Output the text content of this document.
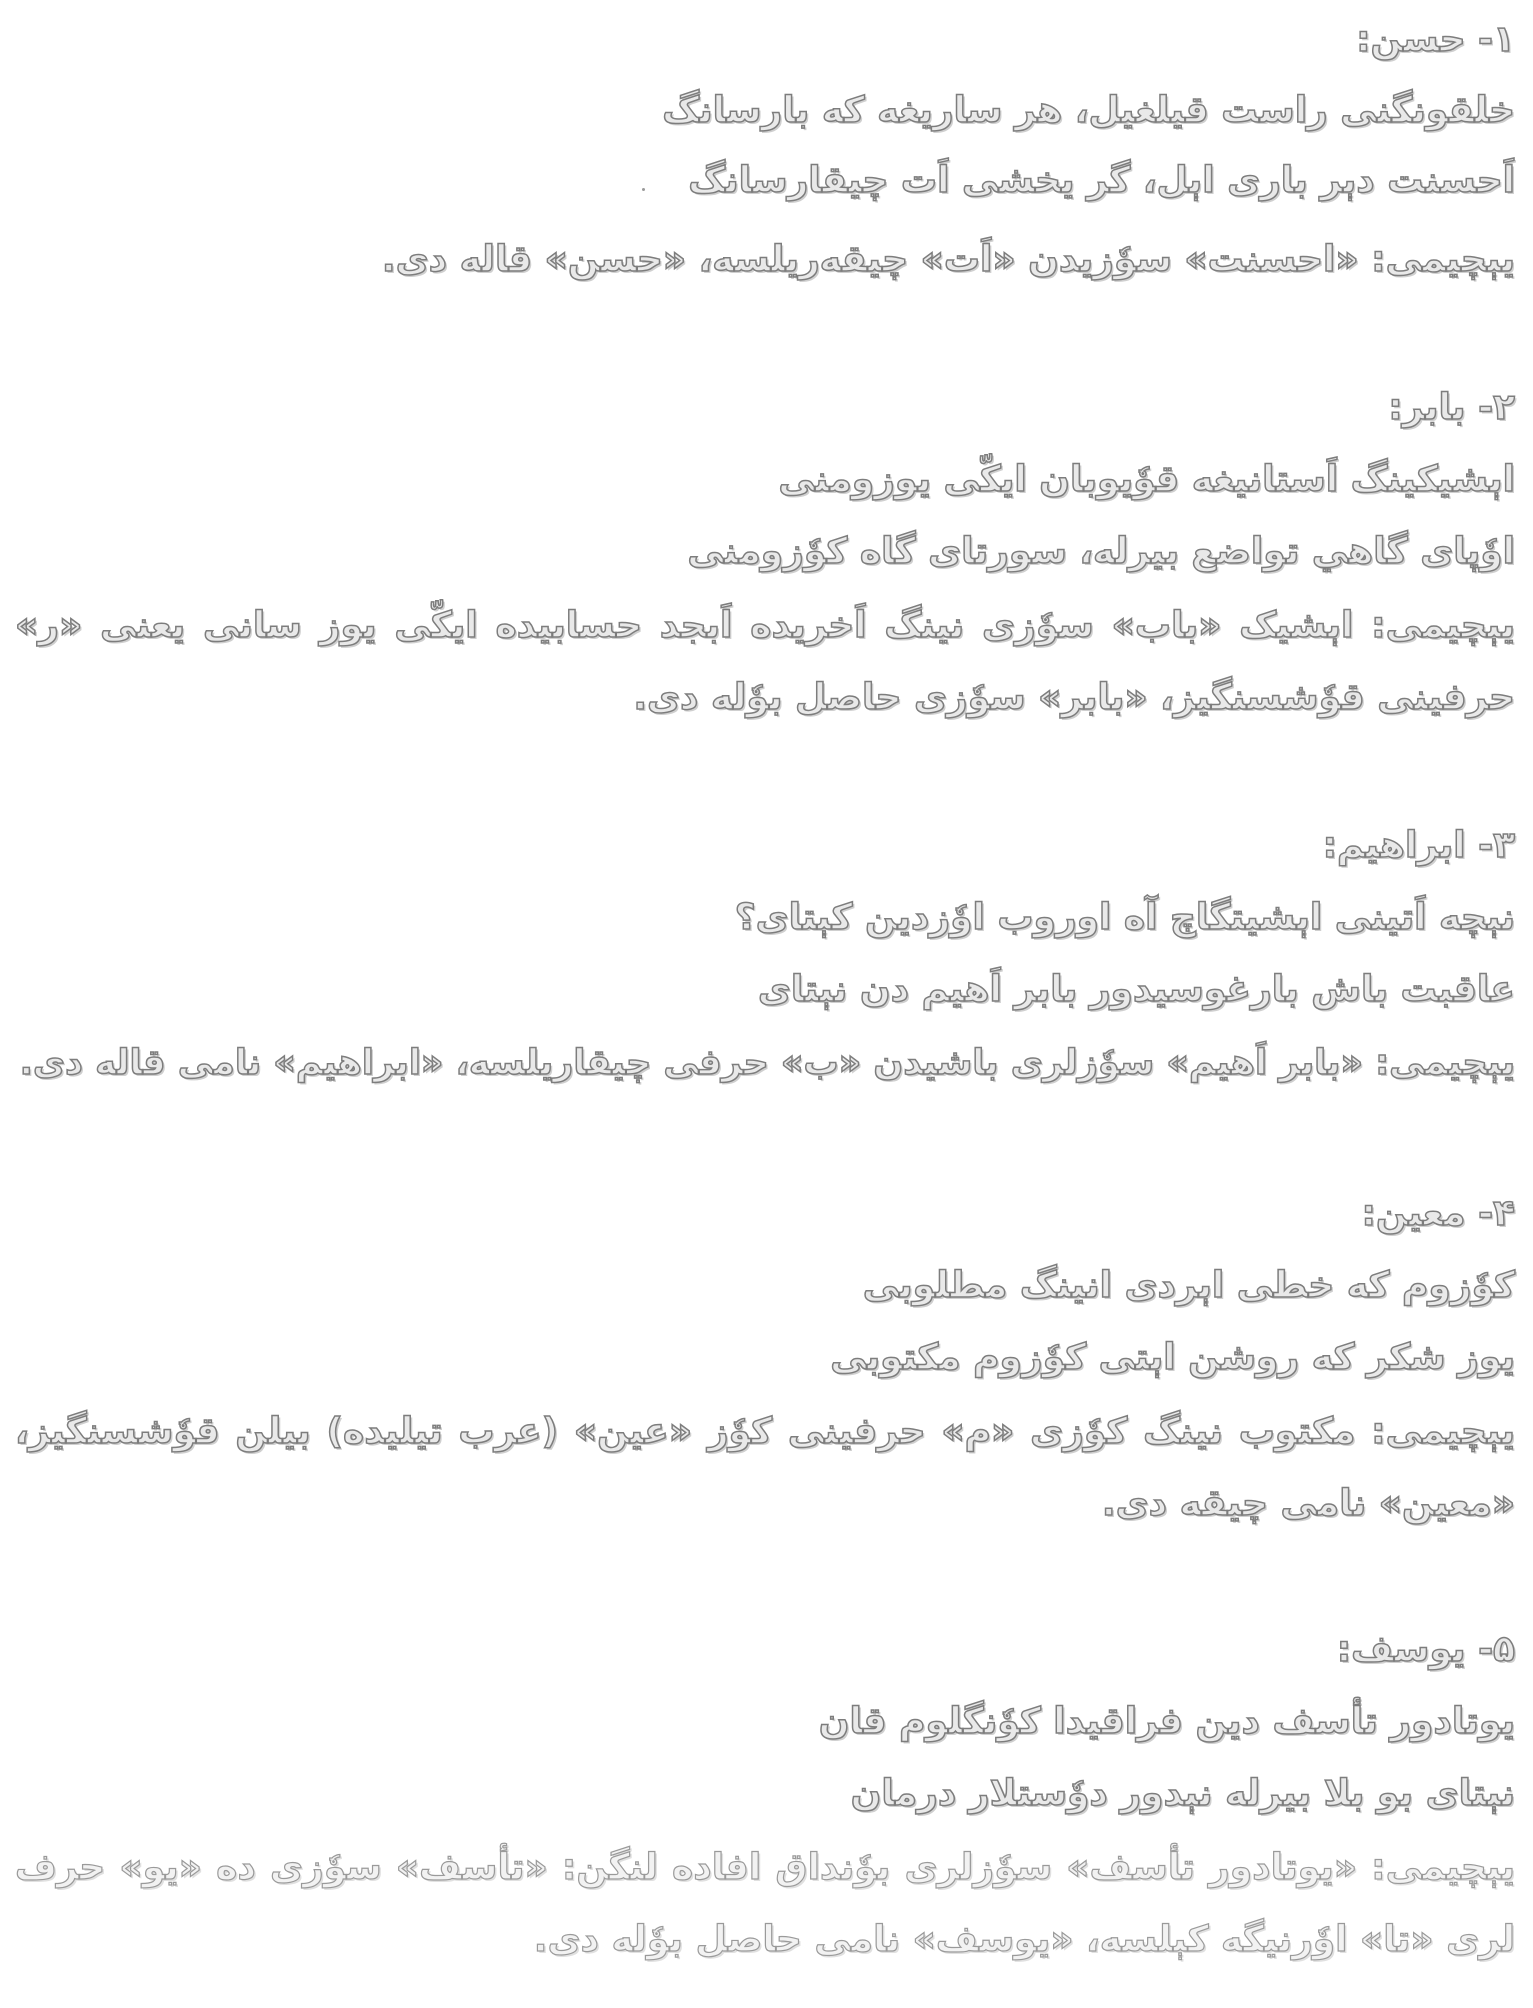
۱- حسن:
خلقونگنی راست قیلغیل، هر ساریغه که بارسانگ
اَحسنت دېر باری اېل، گر یخشی اَت چیقارسانگ
یېچیمی: «احسنت» سوٗزیدن «اَت» چیقه‌ریلسه، «حسن» قاله دی.
۲- بابر:
اېشیکینگ اَستانیغه قوٗیوبان ایکّی یوزومنی
اوٗپای گاهي تواضع بیرله، سورتای گاه کوٗزومنی
یېچیمی: اېشیک «باب» سوٗزی نینگ اَخریده اَبجد حسابیده ایکّی یوز سانی یعنی «ر»
حرفینی قوٗشسنگیز، «بابر» سوٗزی حاصل بوٗله دی.
۳- ابراهیم:
نېچه اَتینی اېشیتگاچ آه اوروب اوٗزدین کېتای؟
عاقبت باش بارغوسیدور بابر اَهیم دن نېتای
یېچیمی: «بابر اَهیم» سوٗزلری باشیدن «ب» حرفی چیقاریلسه، «ابراهیم» نامی قاله دی.
۴- معین:
کوٗزوم که خطی اېردی انینگ مطلوبی
یوز شکر که روشن اېتی کوٗزوم مکتوبی
یېچیمی: مکتوب نینگ کوٗزی «م» حرفینی کوٗز «عین» (عرب تیلیده) بیلن قوٗشسنگیز،
«معین» نامی چیقه دی.
۵- یوسف:
یوتادور تأسف دین فراقیدا کوٗنگلوم قان
نېتای بو بلا بیرله نېدور دوٗستلار درمان
یېچیمی: «یوتادور تأسف» سوٗزلری بوٗنداق افاده لنگن: «تأسف» سوٗزی ده «یو» حرف
لری «تا» اوٗرنیگه کېلسه، «یوسف» نامی حاصل بوٗله دی.
